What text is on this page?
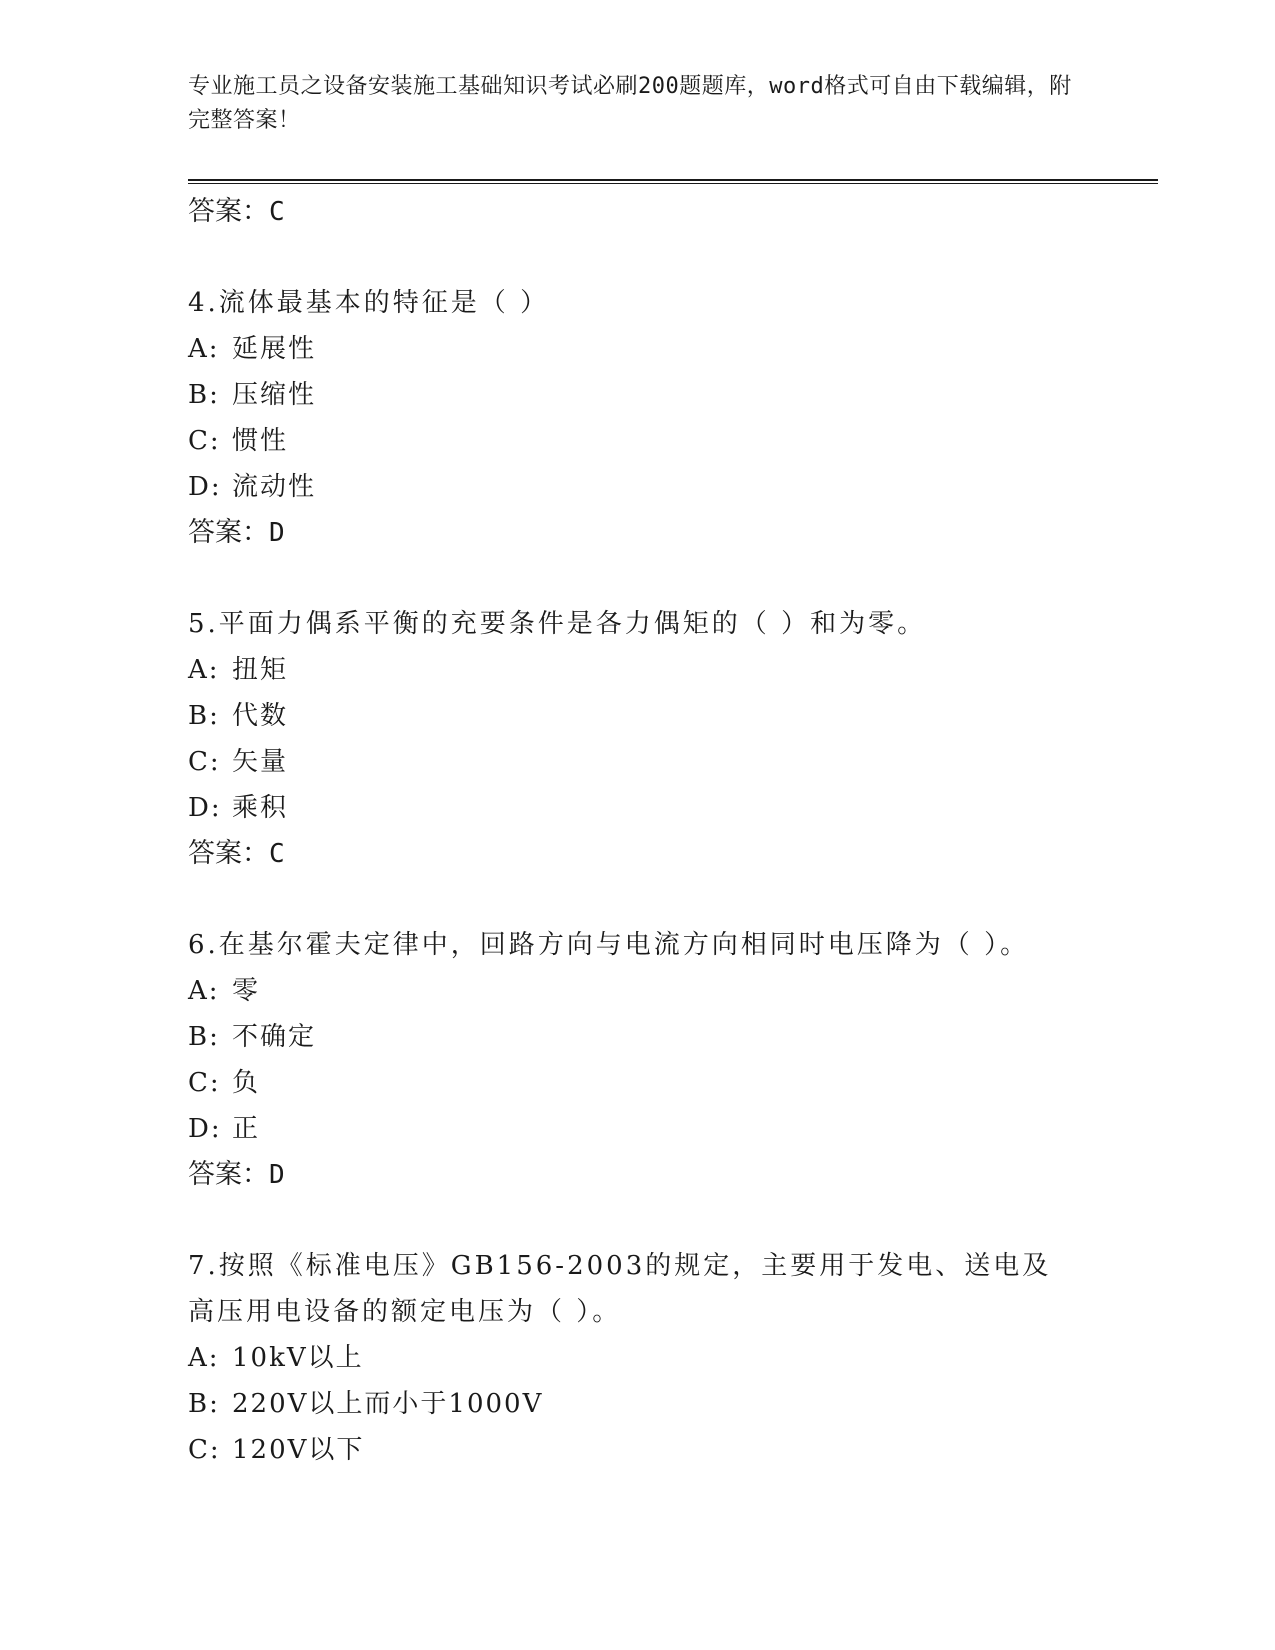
专业施工员之设备安装施工基础知识考试必刷200题题库，word格式可自由下载编辑，附完整答案！

答案：C
4.流体最基本的特征是（ ）
A: 延展性
B: 压缩性
C: 惯性
D: 流动性
答案：D
5.平面力偶系平衡的充要条件是各力偶矩的（ ）和为零。
A: 扭矩
B: 代数
C: 矢量
D: 乘积
答案：C
6.在基尔霍夫定律中，回路方向与电流方向相同时电压降为（ ）。
A: 零
B: 不确定
C: 负
D: 正
答案：D
7.按照《标准电压》GB156-2003的规定，主要用于发电、送电及高压用电设备的额定电压为（ ）。
A: 10kV以上
B: 220V以上而小于1000V
C: 120V以下
